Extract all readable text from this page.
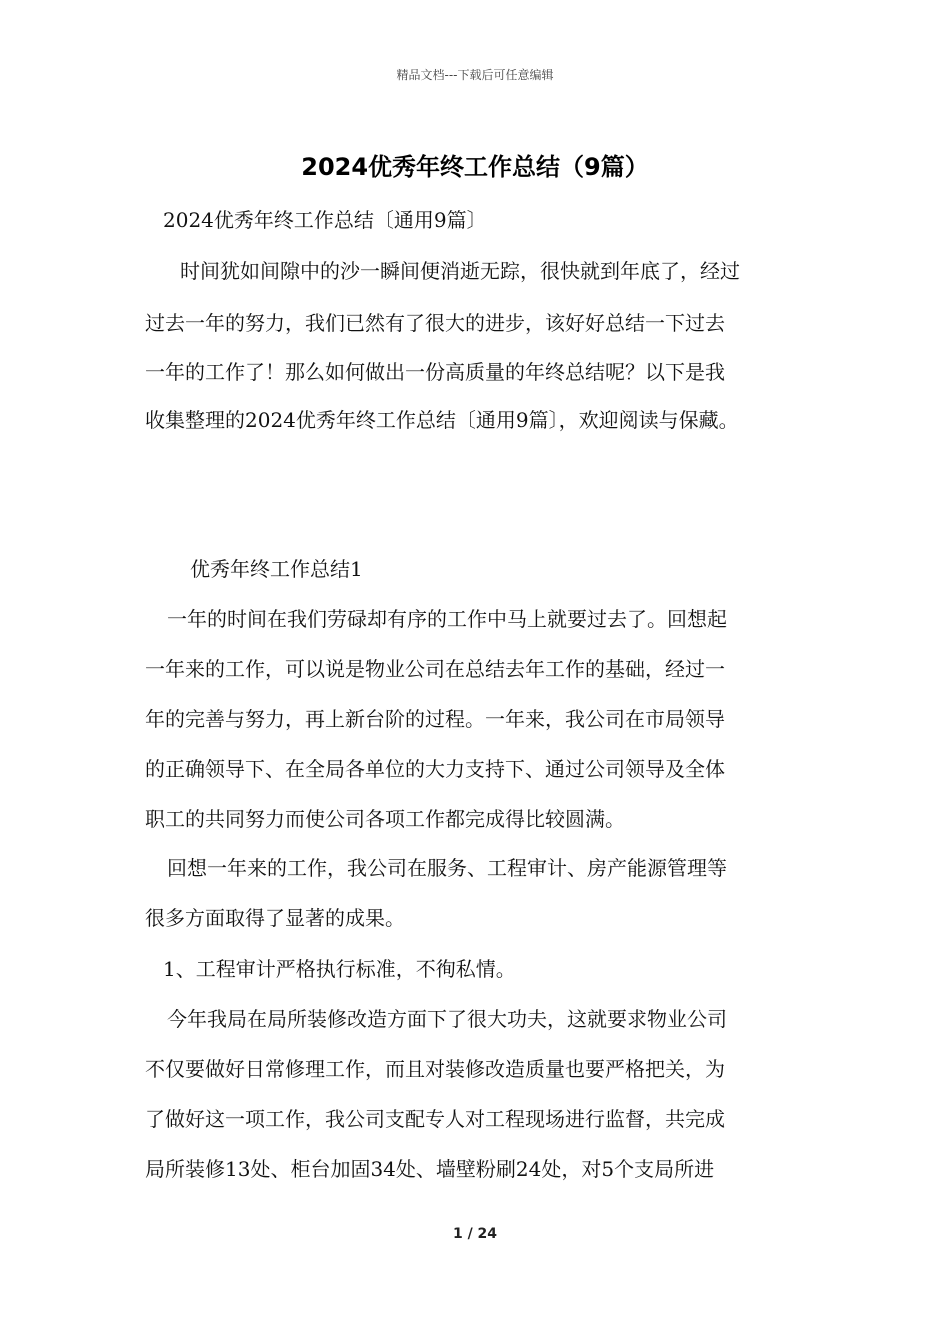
精品文档---下载后可任意编辑
2024优秀年终工作总结（9篇）
2024优秀年终工作总结〔通用9篇〕
时间犹如间隙中的沙一瞬间便消逝无踪，很快就到年底了，经过
过去一年的努力，我们已然有了很大的进步，该好好总结一下过去
一年的工作了！那么如何做出一份高质量的年终总结呢？以下是我
收集整理的2024优秀年终工作总结〔通用9篇〕，欢迎阅读与保藏。
优秀年终工作总结1
一年的时间在我们劳碌却有序的工作中马上就要过去了。回想起
一年来的工作，可以说是物业公司在总结去年工作的基础，经过一
年的完善与努力，再上新台阶的过程。一年来，我公司在市局领导
的正确领导下、在全局各单位的大力支持下、通过公司领导及全体
职工的共同努力而使公司各项工作都完成得比较圆满。
回想一年来的工作，我公司在服务、工程审计、房产能源管理等
很多方面取得了显著的成果。
1、工程审计严格执行标准，不徇私情。
今年我局在局所装修改造方面下了很大功夫，这就要求物业公司
不仅要做好日常修理工作，而且对装修改造质量也要严格把关，为
了做好这一项工作，我公司支配专人对工程现场进行监督，共完成
局所装修13处、柜台加固34处、墙壁粉刷24处，对5个支局所进
1 / 24
